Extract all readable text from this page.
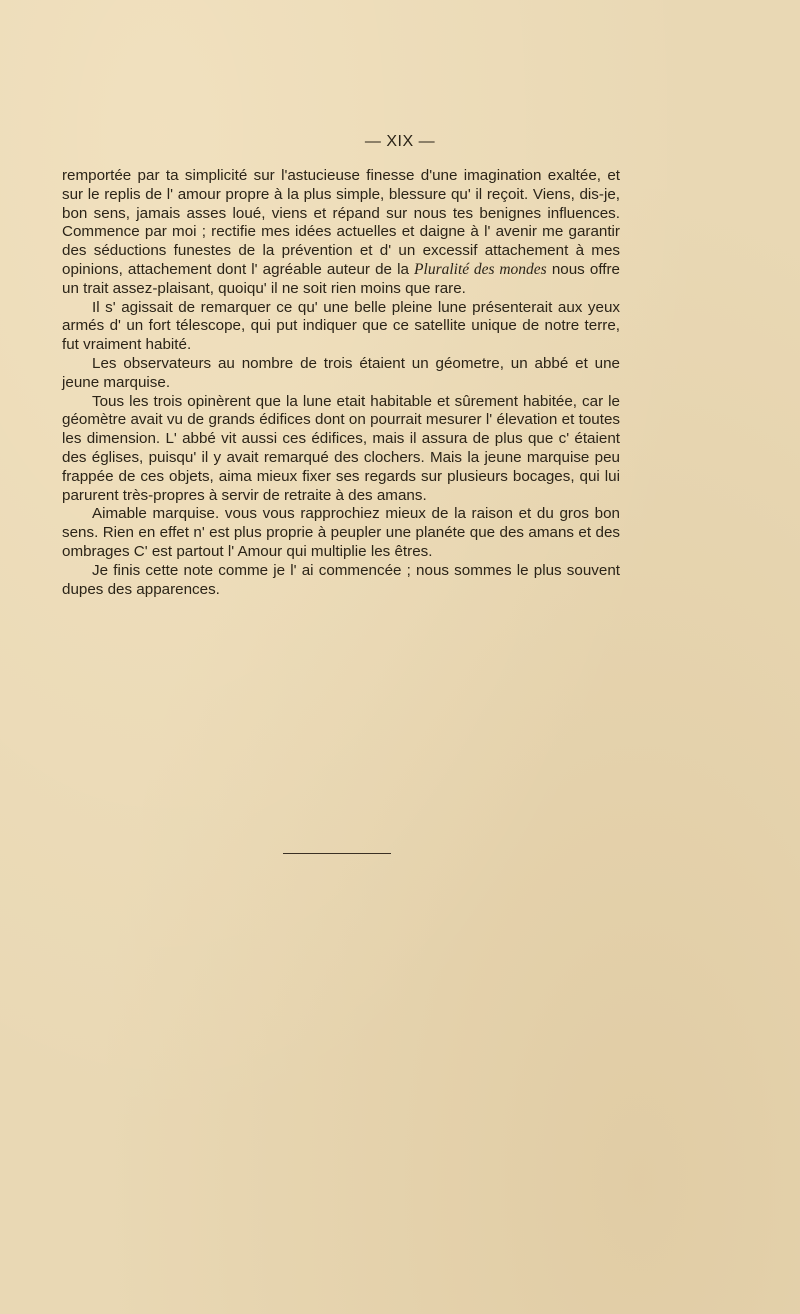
— XIX —

remportée par ta simplicité sur l'astucieuse finesse d'une imagination exaltée, et sur le replis de l' amour propre à la plus simple, blessure qu' il reçoit. Viens, dis-je, bon sens, jamais asses loué, viens et répand sur nous tes benignes influences. Commence par moi ; rectifie mes idées actuelles et daigne à l' avenir me garantir des séductions funestes de la prévention et d' un excessif attachement à mes opinions, attachement dont l' agréable auteur de la Pluralité des mondes nous offre un trait assez-plaisant, quoiqu' il ne soit rien moins que rare.

Il s' agissait de remarquer ce qu' une belle pleine lune présenterait aux yeux armés d' un fort télescope, qui put indiquer que ce satellite unique de notre terre, fut vraiment habité.

Les observateurs au nombre de trois étaient un géometre, un abbé et une jeune marquise.

Tous les trois opinèrent que la lune etait habitable et sûrement habitée, car le géomètre avait vu de grands édifices dont on pourrait mesurer l' élevation et toutes les dimension. L' abbé vit aussi ces édifices, mais il assura de plus que c' étaient des églises, puisqu' il y avait remarqué des clochers. Mais la jeune marquise peu frappée de ces objets, aima mieux fixer ses regards sur plusieurs bocages, qui lui parurent très-propres à servir de retraite à des amans.

Aimable marquise. vous vous rapprochiez mieux de la raison et du gros bon sens. Rien en effet n' est plus proprie à peupler une planéte que des amans et des ombrages C' est partout l' Amour qui multiplie les êtres.

Je finis cette note comme je l' ai commencée ; nous sommes le plus souvent dupes des apparences.
